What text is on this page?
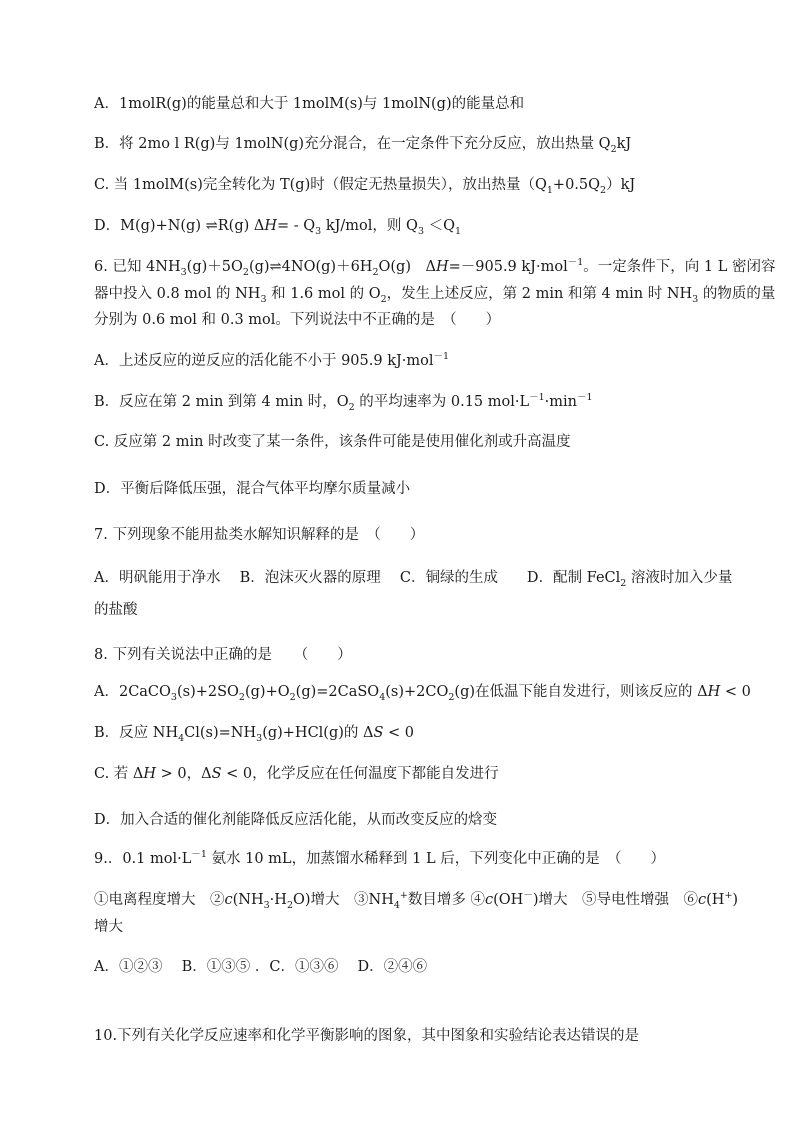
A．1molR(g)的能量总和大于 1molM(s)与 1molN(g)的能量总和
B．将 2mo l R(g)与 1molN(g)充分混合，在一定条件下充分反应，放出热量 $Q_2kJ$
C. 当 1molM(s)完全转化为 T(g)时（假定无热量损失），放出热量$(Q_1+0.5Q_2)kJ$
D．M(g)+N(g) ⇌R(g) $\Delta H= - Q_3$ kJ/mol，则 $Q_3 <Q_1$
6. 已知 $4NH_3(g)+5O_2(g)\rightleftharpoons 4NO(g)+6H_2O(g)$　ΔH=－905.9 kJ·mol$^{-1}$。一定条件下，向 1 L 密闭容
器中投入 0.8 mol 的 $NH_3$ 和 1.6 mol 的 $O_2$，发生上述反应，第 2 min 和第 4 min 时 $NH_3$ 的物质的量
分别为 0.6 mol 和 0.3 mol。下列说法中不正确的是　（　　）
A．上述反应的逆反应的活化能不小于 905.9 kJ·mol$^{-1}$
B．反应在第 2 min 到第 4 min 时，$O_2$ 的平均速率为 0.15 $mol\cdot L^{-1}\cdot\min^{-1}$
C. 反应第 2 min 时改变了某一条件，该条件可能是使用催化剂或升高温度
D．平衡后降低压强，混合气体平均摩尔质量减小
7. 下列现象不能用盐类水解知识解释的是　（　　）
A．明矾能用于净水　 B．泡沫灭火器的原理　 C．铜绿的生成　　D．配制 FeCl$_2$ 溶液时加入少量
的盐酸
8. 下列有关说法中正确的是　　（　　）
A．$2CaCO_3(s)+2SO_2(g)+O_2(g)=2CaSO_4(s)+2CO_2(g)$在低温下能自发进行，则该反应的 ΔH < 0
B．反应 $NH_4Cl(s)=NH_3(g)+HCl(g)$的 ΔS < 0
C. 若 ΔH > 0，ΔS < 0，化学反应在任何温度下都能自发进行
D．加入合适的催化剂能降低反应活化能，从而改变反应的焓变
9.．0.1 $mol\cdot L^{-1}$ 氨水 10 mL，加蒸馏水稀释到 1 L 后，下列变化中正确的是　（　　）
①电离程度增大　$②c(NH_3\cdot H_2O)$增大　$③NH_4^+$数目增多 ④c(OH－)增大　⑤导电性增强　⑥c(H+)
增大
A．①②③　 B．①③⑤ ．C．①③⑥　 D．②④⑥
10.下列有关化学反应速率和化学平衡影响的图象，其中图象和实验结论表达错误的是
